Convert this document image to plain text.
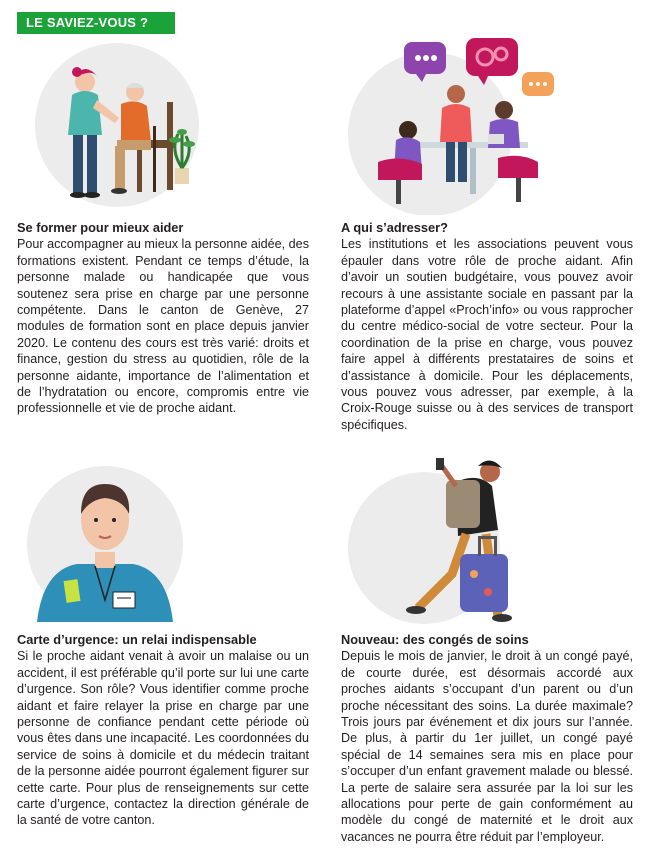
LE SAVIEZ-VOUS ?
Se former pour mieux aider

Pour accompagner au mieux la personne aidée, des formations existent. Pendant ce temps d’étude, la personne malade ou handicapée que vous soutenez sera prise en charge par une personne compétente. Dans le canton de Genève, 27 modules de formation sont en place depuis janvier 2020. Le contenu des cours est très varié: droits et finance, gestion du stress au quotidien, rôle de la personne aidante, importance de l’alimentation et de l’hydratation ou encore, compromis entre vie professionnelle et vie de proche aidant.

A qui s’adresser?

Les institutions et les associations peuvent vous épauler dans votre rôle de proche aidant. Afin d’avoir un soutien budgétaire, vous pouvez avoir recours à une assistante sociale en passant par la plateforme d’appel «Proch’info» ou vous rapprocher du centre médico-social de votre secteur. Pour la coordination de la prise en charge, vous pouvez faire appel à différents prestataires de soins et d’assistance à domicile. Pour les déplacements, vous pouvez vous adresser, par exemple, à la Croix-Rouge suisse ou à des services de transport spécifiques.

Carte d’urgence: un relai indispensable

Si le proche aidant venait à avoir un malaise ou un accident, il est préférable qu’il porte sur lui une carte d’urgence. Son rôle? Vous identifier comme proche aidant et faire relayer la prise en charge par une personne de confiance pendant cette période où vous êtes dans une incapacité. Les coordonnées du service de soins à domicile et du médecin traitant de la personne aidée pourront également figurer sur cette carte. Pour plus de renseignements sur cette carte d’urgence, contactez la direction générale de la santé de votre canton.

Nouveau: des congés de soins

Depuis le mois de janvier, le droit à un congé payé, de courte durée, est désormais accordé aux proches aidants s’occupant d’un parent ou d’un proche nécessitant des soins. La durée maximale? Trois jours par événement et dix jours sur l’année. De plus, à partir du 1er juillet, un congé payé spécial de 14 semaines sera mis en place pour s’occuper d’un enfant gravement malade ou blessé. La perte de salaire sera assurée par la loi sur les allocations pour perte de gain conformément au modèle du congé de maternité et le droit aux vacances ne pourra être réduit par l’employeur.
